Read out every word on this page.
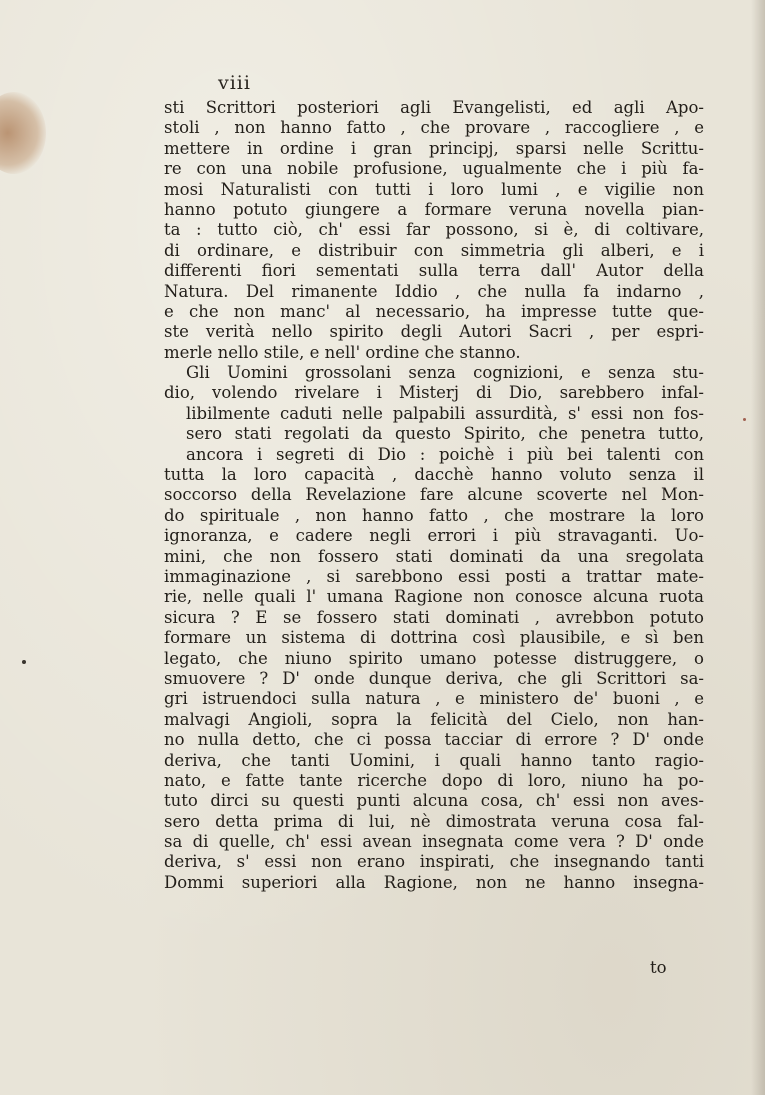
viii
sti Scrittori posteriori agli Evangelisti, ed agli Apo-
stoli , non hanno fatto , che provare , raccogliere , e
mettere in ordine i gran principj, sparsi nelle Scrittu-
re con una nobile profusione, ugualmente che i più fa-
mosi Naturalisti con tutti i loro lumi , e vigilie non
hanno potuto giungere a formare veruna novella pian-
ta : tutto ciò, ch' essi far possono, si è, di coltivare,
di ordinare, e distribuir con simmetria gli alberi, e i
differenti fiori sementati sulla terra dall' Autor della
Natura. Del rimanente Iddio , che nulla fa indarno ,
e che non manc' al necessario, ha impresse tutte que-
ste verità nello spirito degli Autori Sacri , per espri-
merle nello stile, e nell' ordine che stanno.
Gli Uomini grossolani senza cognizioni, e senza stu-
dio, volendo rivelare i Misterj di Dio, sarebbero infal-
libilmente caduti nelle palpabili assurdità, s' essi non fos-
sero stati regolati da questo Spirito, che penetra tutto,
ancora i segreti di Dio : poichè i più bei talenti con
tutta la loro capacità , dacchè hanno voluto senza il
soccorso della Revelazione fare alcune scoverte nel Mon-
do spirituale , non hanno fatto , che mostrare la loro
ignoranza, e cadere negli errori i più stravaganti. Uo-
mini, che non fossero stati dominati da una sregolata
immaginazione , si sarebbono essi posti a trattar mate-
rie, nelle quali l' umana Ragione non conosce alcuna ruota
sicura ? E se fossero stati dominati , avrebbon potuto
formare un sistema di dottrina così plausibile, e sì ben
legato, che niuno spirito umano potesse distruggere, o
smuovere ? D' onde dunque deriva, che gli Scrittori sa-
gri istruendoci sulla natura , e ministero de' buoni , e
malvagi Angioli, sopra la felicità del Cielo, non han-
no nulla detto, che ci possa tacciar di errore ? D' onde
deriva, che tanti Uomini, i quali hanno tanto ragio-
nato, e fatte tante ricerche dopo di loro, niuno ha po-
tuto dirci su questi punti alcuna cosa, ch' essi non aves-
sero detta prima di lui, nè dimostrata veruna cosa fal-
sa di quelle, ch' essi avean insegnata come vera ? D' onde
deriva, s' essi non erano inspirati, che insegnando tanti
Dommi superiori alla Ragione, non ne hanno insegna-
to
